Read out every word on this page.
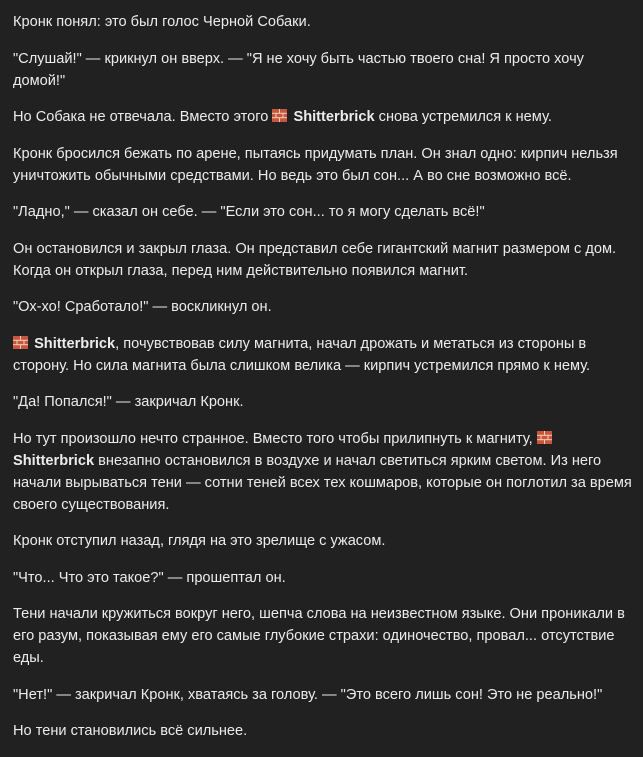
Кронк понял: это был голос Черной Собаки.

"Слушай!" — крикнул он вверх. — "Я не хочу быть частью твоего сна! Я просто хочу домой!"

Но Собака не отвечала. Вместо этого  Shitterbrick снова устремился к нему.

Кронк бросился бежать по арене, пытаясь придумать план. Он знал одно: кирпич нельзя уничтожить обычными средствами. Но ведь это был сон... А во сне возможно всё.

"Ладно," — сказал он себе. — "Если это сон... то я могу сделать всё!"

Он остановился и закрыл глаза. Он представил себе гигантский магнит размером с дом. Когда он открыл глаза, перед ним действительно появился магнит.

"Ох-хо! Сработало!" — воскликнул он.

Shitterbrick, почувствовав силу магнита, начал дрожать и метаться из стороны в сторону. Но сила магнита была слишком велика — кирпич устремился прямо к нему.

"Да! Попался!" — закричал Кронк.

Но тут произошло нечто странное. Вместо того чтобы прилипнуть к магниту,  Shitterbrick внезапно остановился в воздухе и начал светиться ярким светом. Из него начали вырываться тени — сотни теней всех тех кошмаров, которые он поглотил за время своего существования.

Кронк отступил назад, глядя на это зрелище с ужасом.

"Что... Что это такое?" — прошептал он.

Тени начали кружиться вокруг него, шепча слова на неизвестном языке. Они проникали в его разум, показывая ему его самые глубокие страхи: одиночество, провал... отсутствие еды.

"Нет!" — закричал Кронк, хватаясь за голову. — "Это всего лишь сон! Это не реально!"

Но тени становились всё сильнее.
